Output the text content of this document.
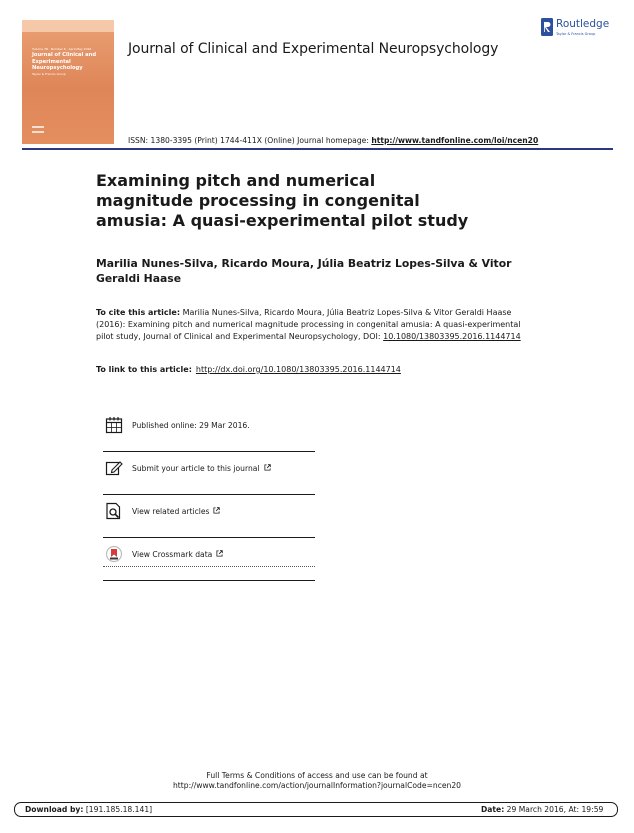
Volume 38 · Number 6 · April-May 2016
Journal of Clinical and Experimental Neuropsychology
Taylor & Francis Group
Journal of Clinical and Experimental Neuropsychology
Routledge
Taylor & Francis Group
ISSN: 1380-3395 (Print) 1744-411X (Online) Journal homepage: http://www.tandfonline.com/loi/ncen20
Examining pitch and numerical magnitude processing in congenital amusia: A quasi-experimental pilot study
Marilia Nunes-Silva, Ricardo Moura, Júlia Beatriz Lopes-Silva & Vitor Geraldi Haase
To cite this article: Marilia Nunes-Silva, Ricardo Moura, Júlia Beatriz Lopes-Silva & Vitor Geraldi Haase (2016): Examining pitch and numerical magnitude processing in congenital amusia: A quasi-experimental pilot study, Journal of Clinical and Experimental Neuropsychology, DOI: 10.1080/13803395.2016.1144714
To link to this article: http://dx.doi.org/10.1080/13803395.2016.1144714
Published online: 29 Mar 2016.
Submit your article to this journal
View related articles
View Crossmark data
Full Terms & Conditions of access and use can be found at
http://www.tandfonline.com/action/journalInformation?journalCode=ncen20
Download by: [191.185.18.141]	Date: 29 March 2016, At: 19:59
